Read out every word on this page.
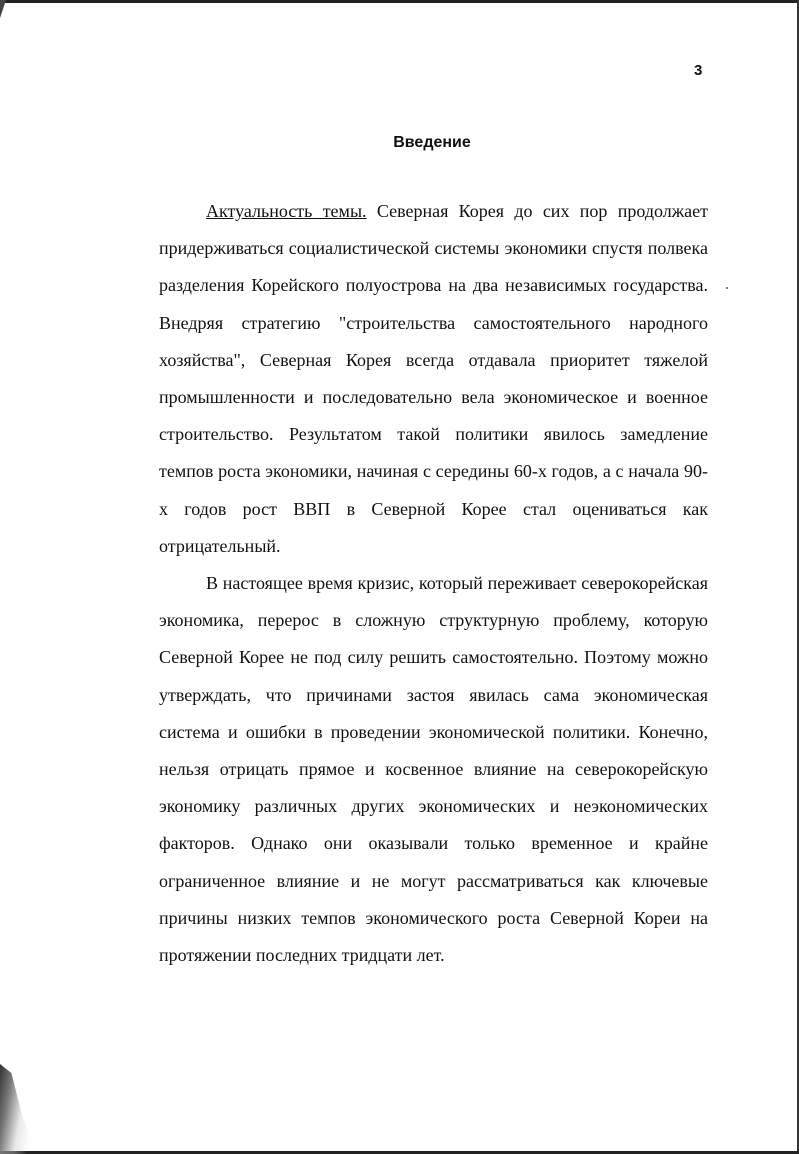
3
Введение

Актуальность темы. Северная Корея до сих пор продолжает придерживаться социалистической системы экономики спустя полвека разделения Корейского полуострова на два независимых государства. Внедряя стратегию "строительства самостоятельного народного хозяйства", Северная Корея всегда отдавала приоритет тяжелой промышленности и последовательно вела экономическое и военное строительство. Результатом такой политики явилось замедление темпов роста экономики, начиная с середины 60-х годов, а с начала 90-х годов рост ВВП в Северной Корее стал оцениваться как отрицательный.

В настоящее время кризис, который переживает северокорейская экономика, перерос в сложную структурную проблему, которую Северной Корее не под силу решить самостоятельно. Поэтому можно утверждать, что причинами застоя явилась сама экономическая система и ошибки в проведении экономической политики. Конечно, нельзя отрицать прямое и косвенное влияние на северокорейскую экономику различных других экономических и неэкономических факторов. Однако они оказывали только временное и крайне ограниченное влияние и не могут рассматриваться как ключевые причины низких темпов экономического роста Северной Кореи на протяжении последних тридцати лет.
